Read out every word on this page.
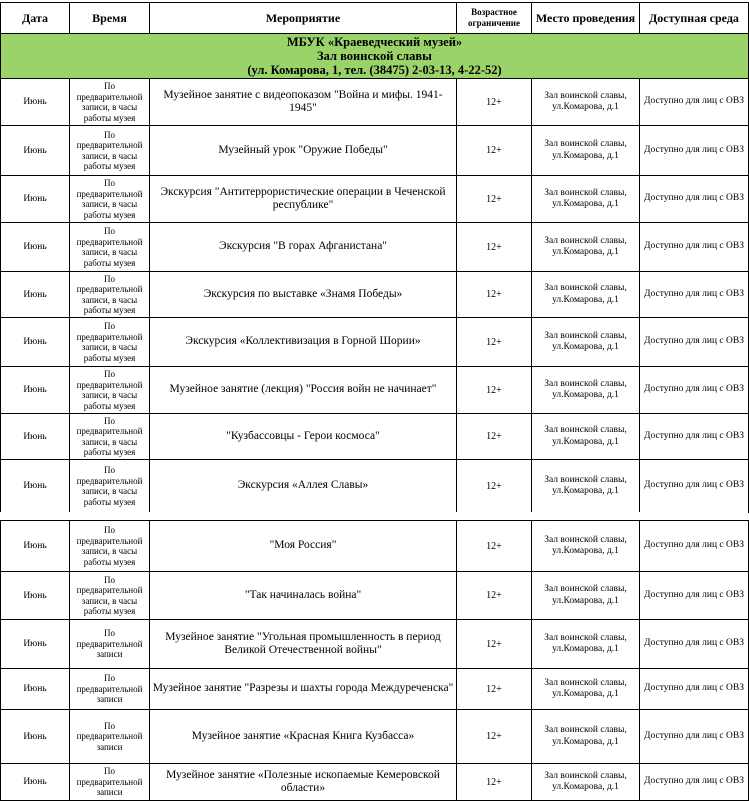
Дата	Время	Мероприятие	Возрастное ограничение	Место проведения	Доступная среда

МБУК «Краеведческий музей»
Зал воинской славы
(ул. Комарова, 1, тел. (38475) 2-03-13, 4-22-52)					

Июнь	По предварительной записи, в часы работы музея	Музейное занятие с видеопоказом "Война и мифы. 1941-1945"	12+	Зал воинской славы, ул.Комарова, д.1	Доступно для лиц с ОВЗ
Июнь	По предварительной записи, в часы работы музея	Музейный урок "Оружие Победы"	12+	Зал воинской славы, ул.Комарова, д.1	Доступно для лиц с ОВЗ
Июнь	По предварительной записи, в часы работы музея	Экскурсия "Антитеррористические операции в Чеченской республике"	12+	Зал воинской славы, ул.Комарова, д.1	Доступно для лиц с ОВЗ
Июнь	По предварительной записи, в часы работы музея	Экскурсия "В горах Афганистана"	12+	Зал воинской славы, ул.Комарова, д.1	Доступно для лиц с ОВЗ
Июнь	По предварительной записи, в часы работы музея	Экскурсия по выставке «Знамя Победы»	12+	Зал воинской славы, ул.Комарова, д.1	Доступно для лиц с ОВЗ
Июнь	По предварительной записи, в часы работы музея	Экскурсия «Коллективизация в Горной Шории»	12+	Зал воинской славы, ул.Комарова, д.1	Доступно для лиц с ОВЗ
Июнь	По предварительной записи, в часы работы музея	Музейное занятие (лекция) "Россия войн не начинает"	12+	Зал воинской славы, ул.Комарова, д.1	Доступно для лиц с ОВЗ
Июнь	По предварительной записи, в часы работы музея	"Кузбассовцы - Герои космоса"	12+	Зал воинской славы, ул.Комарова, д.1	Доступно для лиц с ОВЗ
Июнь	По предварительной записи, в часы работы музея	Экскурсия «Аллея Славы»	12+	Зал воинской славы, ул.Комарова, д.1	Доступно для лиц с ОВЗ
Июнь	По предварительной записи, в часы работы музея	"Моя Россия"	12+	Зал воинской славы, ул.Комарова, д.1	Доступно для лиц с ОВЗ
Июнь	По предварительной записи, в часы работы музея	"Так начиналась война"	12+	Зал воинской славы, ул.Комарова, д.1	Доступно для лиц с ОВЗ
Июнь	По предварительной записи	Музейное занятие "Угольная промышленность в период Великой Отечественной войны"	12+	Зал воинской славы, ул.Комарова, д.1	Доступно для лиц с ОВЗ
Июнь	По предварительной записи	Музейное занятие "Разрезы и шахты города Междуреченска"	12+	Зал воинской славы, ул.Комарова, д.1	Доступно для лиц с ОВЗ
Июнь	По предварительной записи	Музейное занятие «Красная Книга Кузбасса»	12+	Зал воинской славы, ул.Комарова, д.1	Доступно для лиц с ОВЗ
Июнь	По предварительной записи	Музейное занятие «Полезные ископаемые Кемеровской области»	12+	Зал воинской славы, ул.Комарова, д.1	Доступно для лиц с ОВЗ
